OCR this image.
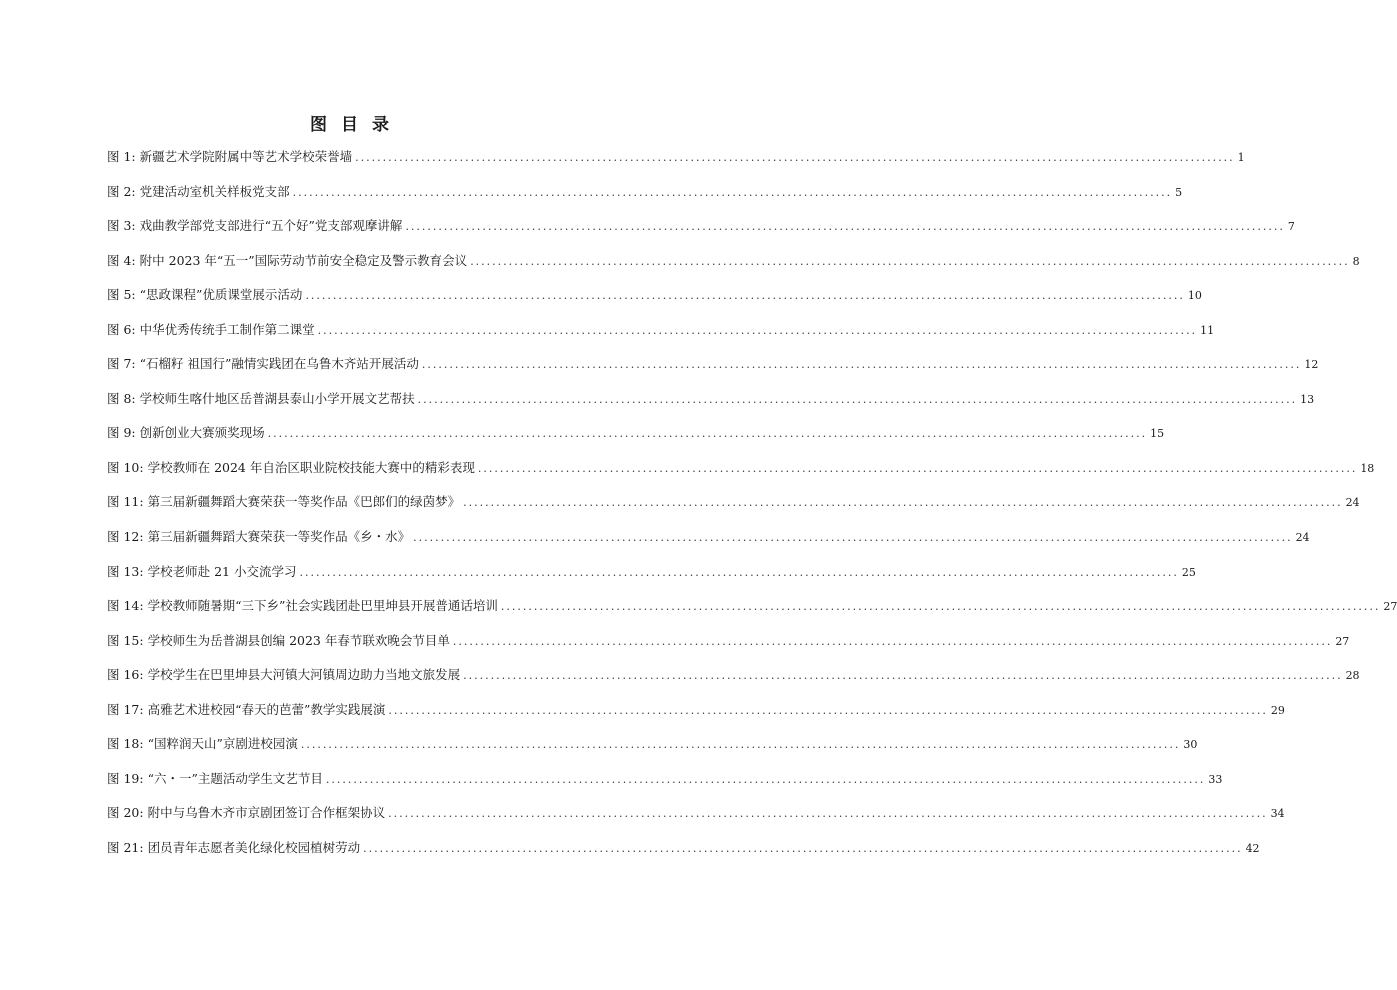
图目录
图 1: 新疆艺术学院附属中等艺术学校荣誉墙 ................................................................................................................................................................ 1
图 2: 党建活动室机关样板党支部 ................................................................................................................................................................ 5
图 3: 戏曲教学部党支部进行“五个好”党支部观摩讲解 ................................................................................................................................................................ 7
图 4: 附中 2023 年“五一”国际劳动节前安全稳定及警示教育会议 ................................................................................................................................................................ 8
图 5: “思政课程”优质课堂展示活动 ................................................................................................................................................................ 10
图 6: 中华优秀传统手工制作第二课堂 ................................................................................................................................................................ 11
图 7: “石榴籽 祖国行”融情实践团在乌鲁木齐站开展活动 ................................................................................................................................................................ 12
图 8: 学校师生喀什地区岳普湖县泰山小学开展文艺帮扶 ................................................................................................................................................................ 13
图 9: 创新创业大赛颁奖现场 ................................................................................................................................................................ 15
图 10: 学校教师在 2024 年自治区职业院校技能大赛中的精彩表现 ................................................................................................................................................................ 18
图 11: 第三届新疆舞蹈大赛荣获一等奖作品《巴郎们的绿茵梦》 ................................................................................................................................................................ 24
图 12: 第三届新疆舞蹈大赛荣获一等奖作品《乡・水》 ................................................................................................................................................................ 24
图 13: 学校老师赴 21 小交流学习 ................................................................................................................................................................ 25
图 14: 学校教师随暑期“三下乡”社会实践团赴巴里坤县开展普通话培训 ................................................................................................................................................................ 27
图 15: 学校师生为岳普湖县创编 2023 年春节联欢晚会节目单 ................................................................................................................................................................ 27
图 16: 学校学生在巴里坤县大河镇大河镇周边助力当地文旅发展 ................................................................................................................................................................ 28
图 17: 高雅艺术进校园“春天的芭蕾”教学实践展演 ................................................................................................................................................................ 29
图 18: “国粹润天山”京剧进校园演 ................................................................................................................................................................ 30
图 19: “六・一”主题活动学生文艺节目 ................................................................................................................................................................ 33
图 20: 附中与乌鲁木齐市京剧团签订合作框架协议 ................................................................................................................................................................ 34
图 21: 团员青年志愿者美化绿化校园植树劳动 ................................................................................................................................................................ 42
